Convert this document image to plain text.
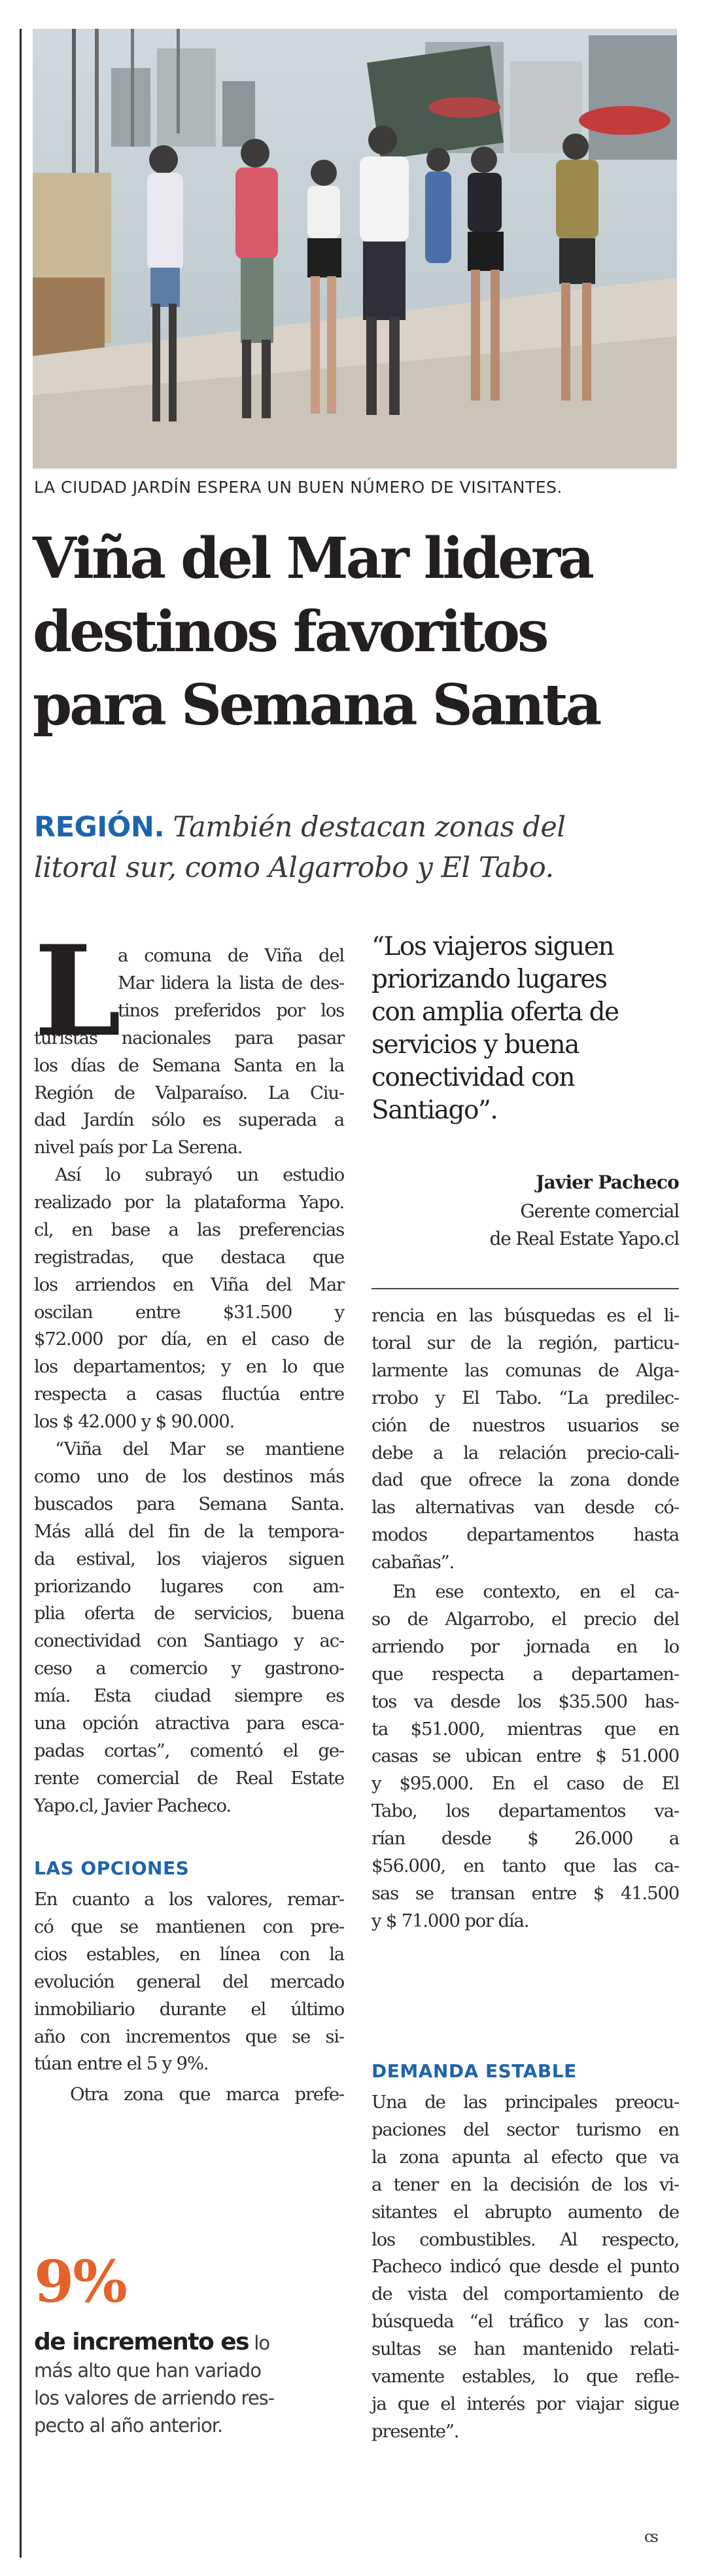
LA CIUDAD JARDÍN ESPERA UN BUEN NÚMERO DE VISITANTES.
Viña del Mar lidera
destinos favoritos
para Semana Santa

REGIÓN. También destacan zonas del
litoral sur, como Algarrobo y El Tabo.

L
a comuna de Viña del
Mar lidera la lista de des-
tinos preferidos por los
turistas nacionales para pasar
los días de Semana Santa en la
Región de Valparaíso. La Ciu-
dad Jardín sólo es superada a
nivel país por La Serena.
Así lo subrayó un estudio
realizado por la plataforma Yapo.
cl, en base a las preferencias
registradas, que destaca que
los arriendos en Viña del Mar
oscilan entre $31.500 y
$72.000 por día, en el caso de
los departamentos; y en lo que
respecta a casas fluctúa entre
los $ 42.000 y $ 90.000.
“Viña del Mar se mantiene
como uno de los destinos más
buscados para Semana Santa.
Más allá del fin de la tempora-
da estival, los viajeros siguen
priorizando lugares con am-
plia oferta de servicios, buena
conectividad con Santiago y ac-
ceso a comercio y gastrono-
mía. Esta ciudad siempre es
una opción atractiva para esca-
padas cortas”, comentó el ge-
rente comercial de Real Estate
Yapo.cl, Javier Pacheco.
LAS OPCIONES
En cuanto a los valores, remar-
có que se mantienen con pre-
cios estables, en línea con la
evolución general del mercado
inmobiliario durante el último
año con incrementos que se si-
túan entre el 5 y 9%.
Otra zona que marca prefe-
9%
de incremento es lo
más alto que han variado
los valores de arriendo res-
pecto al año anterior.
“Los viajeros siguen
priorizando lugares
con amplia oferta de
servicios y buena
conectividad con
Santiago”.
Javier Pacheco
Gerente comercial
de Real Estate Yapo.cl
rencia en las búsquedas es el li-
toral sur de la región, particu-
larmente las comunas de Alga-
rrobo y El Tabo. “La predilec-
ción de nuestros usuarios se
debe a la relación precio-cali-
dad que ofrece la zona donde
las alternativas van desde có-
modos departamentos hasta
cabañas”.
En ese contexto, en el ca-
so de Algarrobo, el precio del
arriendo por jornada en lo
que respecta a departamen-
tos va desde los $35.500 has-
ta $51.000, mientras que en
casas se ubican entre $ 51.000
y $95.000. En el caso de El
Tabo, los departamentos va-
rían desde $ 26.000 a
$56.000, en tanto que las ca-
sas se transan entre $ 41.500
y $ 71.000 por día.
DEMANDA ESTABLE
Una de las principales preocu-
paciones del sector turismo en
la zona apunta al efecto que va
a tener en la decisión de los vi-
sitantes el abrupto aumento de
los combustibles. Al respecto,
Pacheco indicó que desde el punto
de vista del comportamiento de
búsqueda “el tráfico y las con-
sultas se han mantenido relati-
vamente estables, lo que refle-
ja que el interés por viajar sigue
presente”.
cs
